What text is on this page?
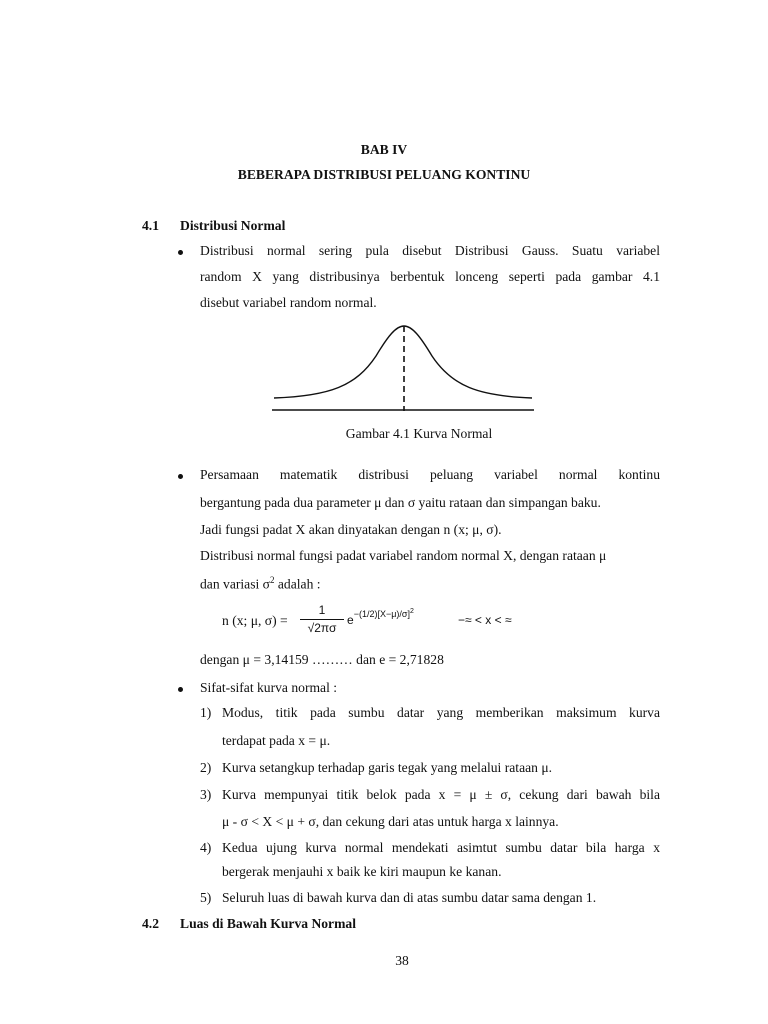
BAB IV
BEBERAPA DISTRIBUSI PELUANG KONTINU
4.1 Distribusi Normal
Distribusi normal sering pula disebut Distribusi Gauss. Suatu variabel
random X yang distribusinya berbentuk lonceng seperti pada gambar 4.1
disebut variabel random normal.
Gambar 4.1 Kurva Normal
Persamaan matematik distribusi peluang variabel normal kontinu
bergantung pada dua parameter μ dan σ yaitu rataan dan simpangan baku.
Jadi fungsi padat X akan dinyatakan dengan n (x; μ, σ).
Distribusi normal fungsi padat variabel random normal X, dengan rataan μ
dan variasi $\sigma^2$ adalah :
n (x; μ, σ) =
1
√2πσ
$e^{-(1/2)[X-\mu)/\sigma]^2}$
−≈ < x < ≈
dengan μ = 3,14159 ……… dan e = 2,71828
Sifat-sifat kurva normal :
1) Modus, titik pada sumbu datar yang memberikan maksimum kurva
terdapat pada x = μ.
2) Kurva setangkup terhadap garis tegak yang melalui rataan μ.
3) Kurva mempunyai titik belok pada x = μ ± σ, cekung dari bawah bila
μ - σ < X < μ + σ, dan cekung dari atas untuk harga x lainnya.
4) Kedua ujung kurva normal mendekati asimtut sumbu datar bila harga x
bergerak menjauhi x baik ke kiri maupun ke kanan.
5) Seluruh luas di bawah kurva dan di atas sumbu datar sama dengan 1.
4.2 Luas di Bawah Kurva Normal
38
